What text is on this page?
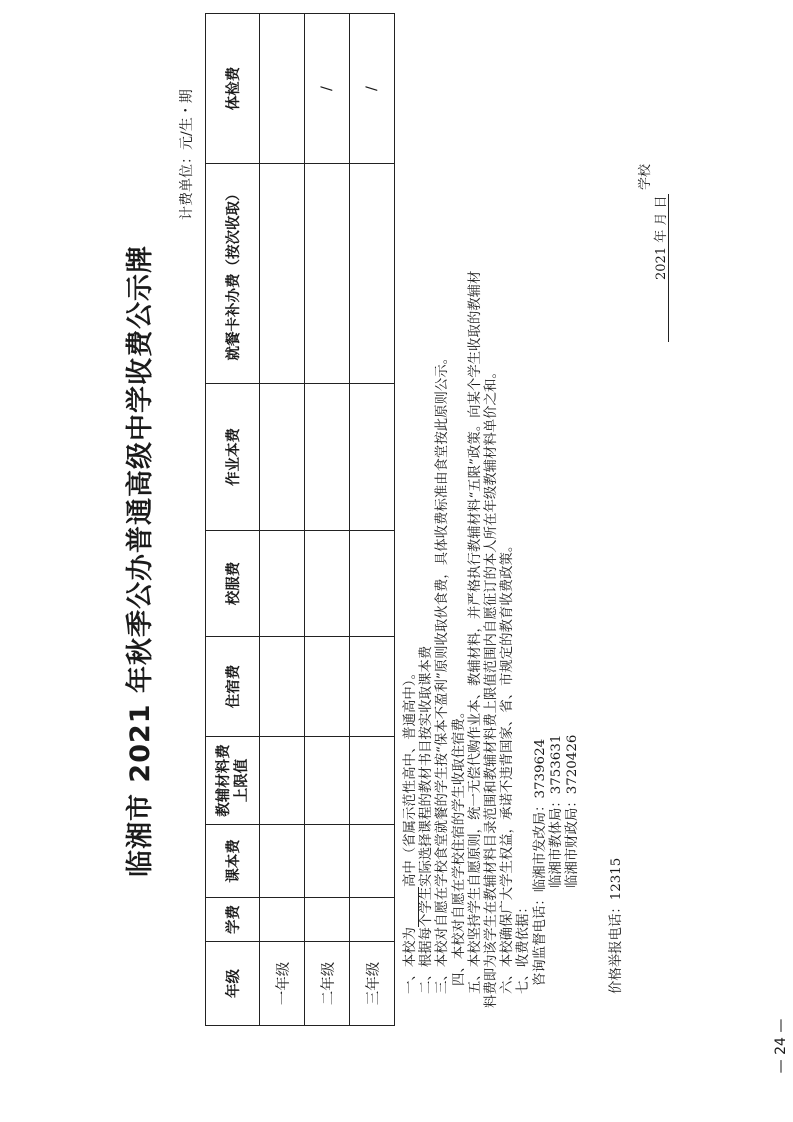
临湘市 2021 年秋季公办普通高级中学收费公示牌
计费单位：元/生・期
年级	学费	课本费	教辅材料费上限值	住宿费	校服费	作业本费	就餐卡补办费（按次收取）	体检费
一年级								
二年级								/
三年级								/
一、本校为高中（省属示范性高中、普通高中）。 二、根据每个学生实际选择课程的教材书目按实收取课本费 三、本校对自愿在学校食堂就餐的学生按“保本不盈利”原则收取伙食费，具体收费标准由食堂按此原则公示。 四、本校对自愿在学校住宿的学生收取住宿费。 五、本校坚持学生自愿原则，统一无偿代购作业本、教辅材料，并严格执行教辅材料“五限”政策。向某个学生收取的教辅材 料费即为该学生在教辅材料目录范围和教辅材料费上限值范围内自愿征订的本人所在年级教辅材料单价之和。 六、本校确保广大学生权益，承诺不违背国家、省、市规定的教育收费政策。 七、收费依据： 咨询监督电话：临湘市发改局：3739624 临湘市教体局：3753631 临湘市财政局：3720426
价格举报电话：12315
学校
2021 年 月 日
— 24 —
